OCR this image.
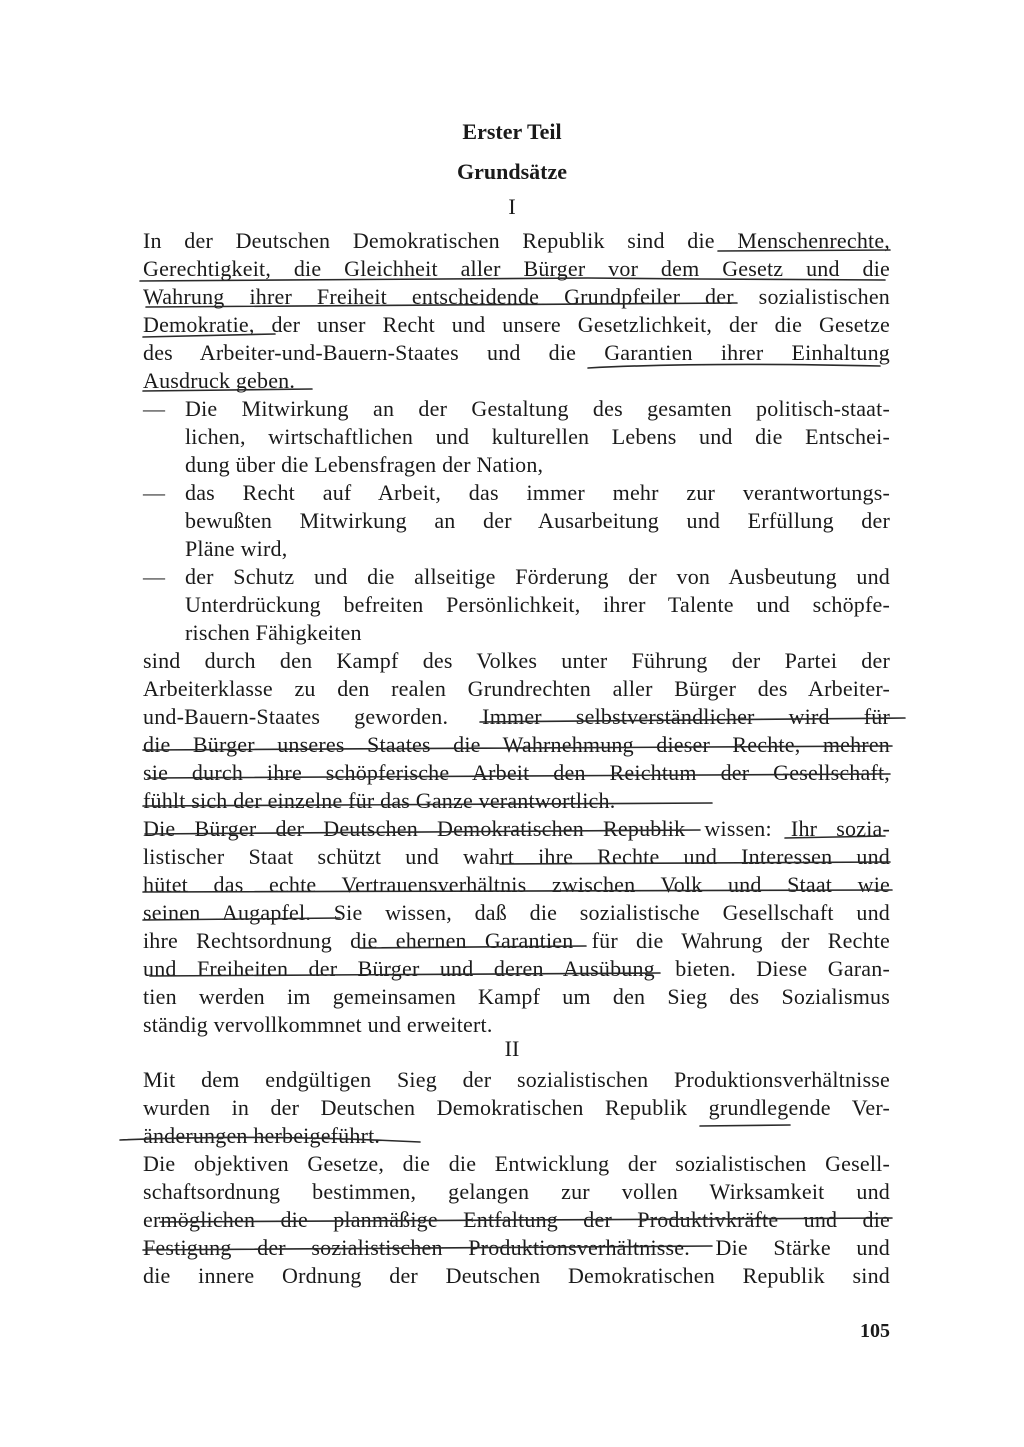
Erster Teil
Grundsätze
I
In der Deutschen Demokratischen Republik sind die Menschenrechte,
Gerechtigkeit, die Gleichheit aller Bürger vor dem Gesetz und die
Wahrung ihrer Freiheit entscheidende Grundpfeiler der sozialistischen
Demokratie, der unser Recht und unsere Gesetzlichkeit, der die Gesetze
des Arbeiter-und-Bauern-Staates und die Garantien ihrer Einhaltung
Ausdruck geben.
— Die Mitwirkung an der Gestaltung des gesamten politisch-staat-
lichen, wirtschaftlichen und kulturellen Lebens und die Entschei-
dung über die Lebensfragen der Nation,
— das Recht auf Arbeit, das immer mehr zur verantwortungs-
bewußten Mitwirkung an der Ausarbeitung und Erfüllung der
Pläne wird,
— der Schutz und die allseitige Förderung der von Ausbeutung und
Unterdrückung befreiten Persönlichkeit, ihrer Talente und schöpfe-
rischen Fähigkeiten
sind durch den Kampf des Volkes unter Führung der Partei der
Arbeiterklasse zu den realen Grundrechten aller Bürger des Arbeiter-
und-Bauern-Staates geworden. Immer selbstverständlicher wird für
die Bürger unseres Staates die Wahrnehmung dieser Rechte, mehren
sie durch ihre schöpferische Arbeit den Reichtum der Gesellschaft,
fühlt sich der einzelne für das Ganze verantwortlich.
Die Bürger der Deutschen Demokratischen Republik wissen: Ihr sozia-
listischer Staat schützt und wahrt ihre Rechte und Interessen und
hütet das echte Vertrauensverhältnis zwischen Volk und Staat wie
seinen Augapfel. Sie wissen, daß die sozialistische Gesellschaft und
ihre Rechtsordnung die ehernen Garantien für die Wahrung der Rechte
und Freiheiten der Bürger und deren Ausübung bieten. Diese Garan-
tien werden im gemeinsamen Kampf um den Sieg des Sozialismus
ständig vervollkommnet und erweitert.
II
Mit dem endgültigen Sieg der sozialistischen Produktionsverhältnisse
wurden in der Deutschen Demokratischen Republik grundlegende Ver-
änderungen herbeigeführt.
Die objektiven Gesetze, die die Entwicklung der sozialistischen Gesell-
schaftsordnung bestimmen, gelangen zur vollen Wirksamkeit und
ermöglichen die planmäßige Entfaltung der Produktivkräfte und die
Festigung der sozialistischen Produktionsverhältnisse. Die Stärke und
die innere Ordnung der Deutschen Demokratischen Republik sind
105
